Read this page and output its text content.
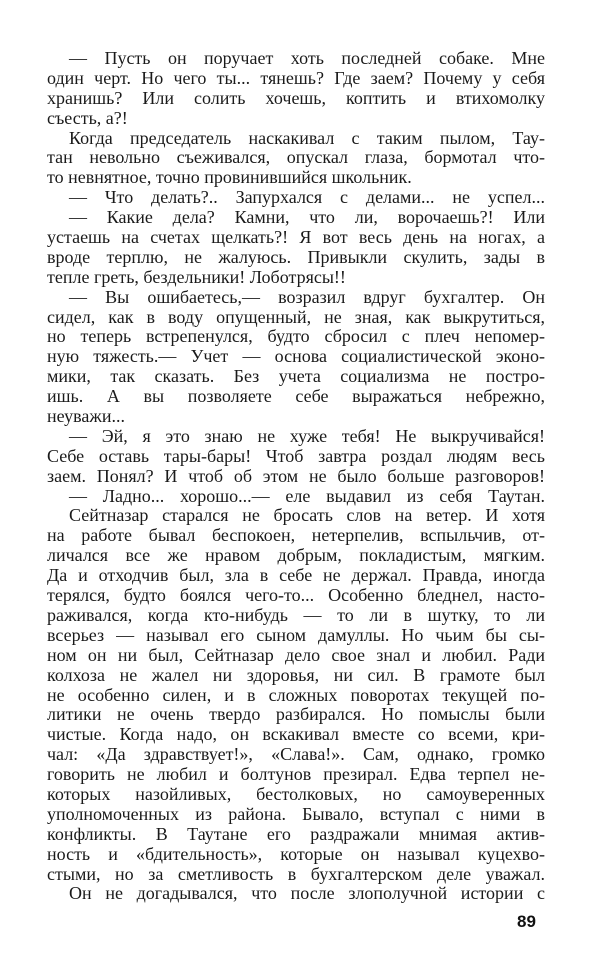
— Пусть он поручает хоть последней собаке. Мне
один черт. Но чего ты... тянешь? Где заем? Почему у себя
хранишь? Или солить хочешь, коптить и втихомолку
съесть, а?!
Когда председатель наскакивал с таким пылом, Тау-
тан невольно съеживался, опускал глаза, бормотал что-
то невнятное, точно провинившийся школьник.
— Что делать?.. Запурхался с делами... не успел...
— Какие дела? Камни, что ли, ворочаешь?! Или
устаешь на счетах щелкать?! Я вот весь день на ногах, а
вроде терплю, не жалуюсь. Привыкли скулить, зады в
тепле греть, бездельники! Лоботрясы!!
— Вы ошибаетесь,— возразил вдруг бухгалтер. Он
сидел, как в воду опущенный, не зная, как выкрутиться,
но теперь встрепенулся, будто сбросил с плеч непомер-
ную тяжесть.— Учет — основа социалистической эконо-
мики, так сказать. Без учета социализма не постро-
ишь. А вы позволяете себе выражаться небрежно,
неуважи...
— Эй, я это знаю не хуже тебя! Не выкручивайся!
Себе оставь тары-бары! Чтоб завтра роздал людям весь
заем. Понял? И чтоб об этом не было больше разговоров!
— Ладно... хорошо...— еле выдавил из себя Таутан.
Сейтназар старался не бросать слов на ветер. И хотя
на работе бывал беспокоен, нетерпелив, вспыльчив, от-
личался все же нравом добрым, покладистым, мягким.
Да и отходчив был, зла в себе не держал. Правда, иногда
терялся, будто боялся чего-то... Особенно бледнел, насто-
раживался, когда кто-нибудь — то ли в шутку, то ли
всерьез — называл его сыном дамуллы. Но чьим бы сы-
ном он ни был, Сейтназар дело свое знал и любил. Ради
колхоза не жалел ни здоровья, ни сил. В грамоте был
не особенно силен, и в сложных поворотах текущей по-
литики не очень твердо разбирался. Но помыслы были
чистые. Когда надо, он вскакивал вместе со всеми, кри-
чал: «Да здравствует!», «Слава!». Сам, однако, громко
говорить не любил и болтунов презирал. Едва терпел не-
которых назойливых, бестолковых, но самоуверенных
уполномоченных из района. Бывало, вступал с ними в
конфликты. В Таутане его раздражали мнимая актив-
ность и «бдительность», которые он называл куцехво-
стыми, но за сметливость в бухгалтерском деле уважал.
Он не догадывался, что после злополучной истории с
89
